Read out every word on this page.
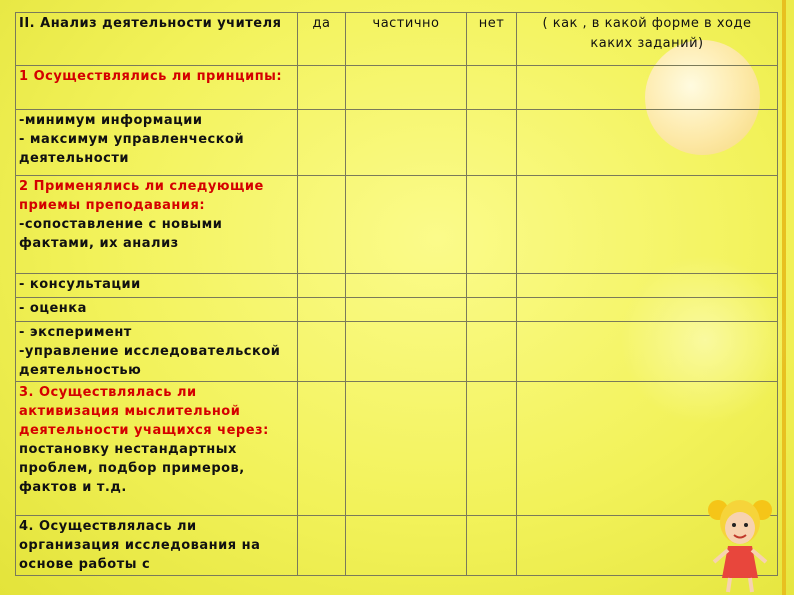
II. Анализ деятельности учителя	да	частично	нет	( как , в какой форме в ходе каких заданий)

1 Осуществлялись ли принципы:				

-минимум информации
- максимум управленческой деятельности				

2 Применялись ли следующие приемы преподавания:
-сопоставление с новыми фактами, их анализ				

- консультации				

- оценка				

- эксперимент
-управление исследовательской деятельностью				

3. Осуществлялась ли активизация мыслительной деятельности учащихся через:
постановку нестандартных проблем, подбор примеров, фактов и т.д.				

4. Осуществлялась ли организация исследования на основе работы с				
